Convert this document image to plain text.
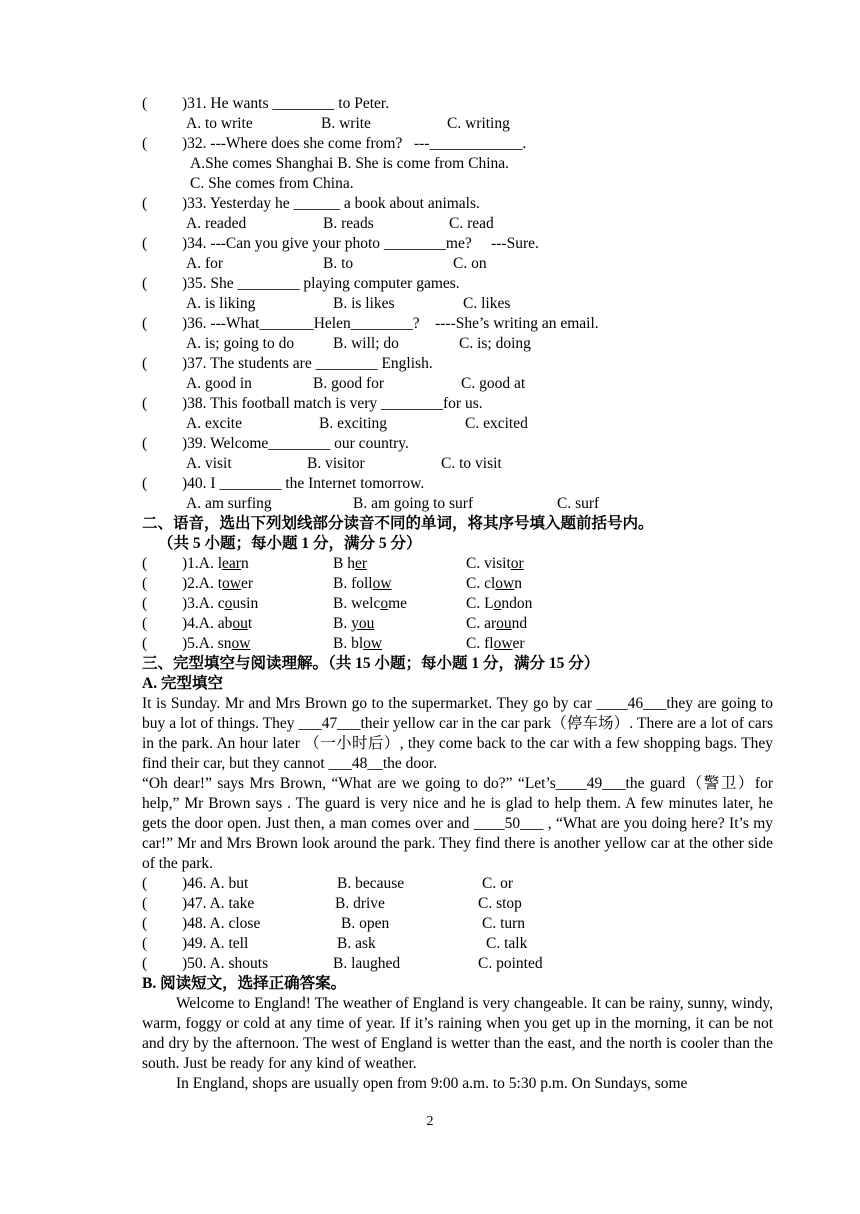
( )31. He wants ________ to Peter.
A. to write	B. write	C. writing
( )32. ---Where does she come from?   ---____________.
A.She comes Shanghai B. She is come from China.
C. She comes from China.
( )33. Yesterday he ______ a book about animals.
A. readed	B. reads	C. read
( )34. ---Can you give your photo ________me?     ---Sure.
A. for	B. to	C. on
( )35. She ________ playing computer games.
A. is liking	B. is likes	C. likes
( )36. ---What_______Helen________?    ----She’s writing an email.
A. is; going to do	B. will; do	C. is; doing
( )37. The students are ________ English.
A. good in	B. good for	C. good at
( )38. This football match is very ________for us.
A. excite	B. exciting	C. excited
( )39. Welcome________ our country.
A. visit	B. visitor	C. to visit
( )40. I ________ the Internet tomorrow.
A. am surfing	B. am going to surf	C. surf
二、语音，选出下列划线部分读音不同的单词，将其序号填入题前括号内。
（共 5 小题；每小题 1 分，满分 5 分）
( )1.A. learn	B her	C. visitor
( )2.A. tower	B. follow	C. clown
( )3.A. cousin	B. welcome	C. London
( )4.A. about	B. you	C. around
( )5.A. snow	B. blow	C. flower
三、完型填空与阅读理解。（共 15 小题；每小题 1 分，满分 15 分）
A. 完型填空

It is Sunday. Mr and Mrs Brown go to the supermarket. They go by car ____46___they are going to buy a lot of things. They ___47___their yellow car in the car park（停车场）. There are a lot of cars in the park. An hour later （一小时后）, they come back to the car with a few shopping bags. They find their car, but they cannot ___48__the door.

“Oh dear!” says Mrs Brown, “What are we going to do?” “Let’s____49___the guard（警卫）for help,” Mr Brown says . The guard is very nice and he is glad to help them. A few minutes later, he gets the door open. Just then, a man comes over and ____50___ , “What are you doing here? It’s my car!” Mr and Mrs Brown look around the park. They find there is another yellow car at the other side of the park.

( )46. A. but	B. because	C. or
( )47. A. take	B. drive	C. stop
( )48. A. close	B. open	C. turn
( )49. A. tell	B. ask	C. talk
( )50. A. shouts	B. laughed	C. pointed
B. 阅读短文，选择正确答案。

Welcome to England! The weather of England is very changeable. It can be rainy, sunny, windy, warm, foggy or cold at any time of year. If it’s raining when you get up in the morning, it can be not and dry by the afternoon. The west of England is wetter than the east, and the north is cooler than the south. Just be ready for any kind of weather.

In England, shops are usually open from 9:00 a.m. to 5:30 p.m. On Sundays, some

2
